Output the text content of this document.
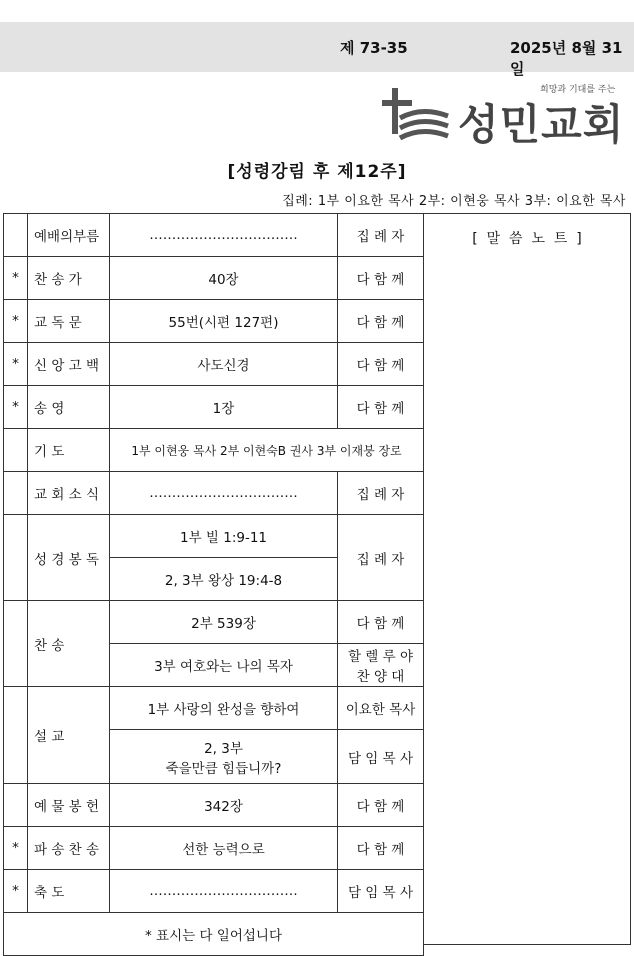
제 73-35	2025년 8월 31일
희망과 기대를 주는
성민교회
[성령강림 후 제12주]
집례: 1부 이요한 목사 2부: 이현웅 목사 3부: 이요한 목사
	예배의부름	……………………………	집 례 자
*	찬 송 가	40장	다 함 께
*	교 독 문	55번(시편 127편)	다 함 께
*	신 앙 고 백	사도신경	다 함 께
*	송 영	1장	다 함 께
	기 도	1부 이현웅 목사 2부 이현숙B 권사 3부 이재붕 장로	
	교 회 소 식	……………………………	집 례 자
	성 경 봉 독	1부 빌 1:9-11	집 례 자
		2, 3부 왕상 19:4-8	
	찬 송	2부 539장	다 함 께
		3부 여호와는 나의 목자	할 렐 루 야
찬 양 대
	설 교	1부 사랑의 완성을 향하여	이요한 목사
		2, 3부
죽을만큼 힘듭니까?	담 임 목 사
	예 물 봉 헌	342장	다 함 께
*	파 송 찬 송	선한 능력으로	다 함 께
*	축 도	……………………………	담 임 목 사
* 표시는 다 일어섭니다			
[  말  씀  노  트  ]
